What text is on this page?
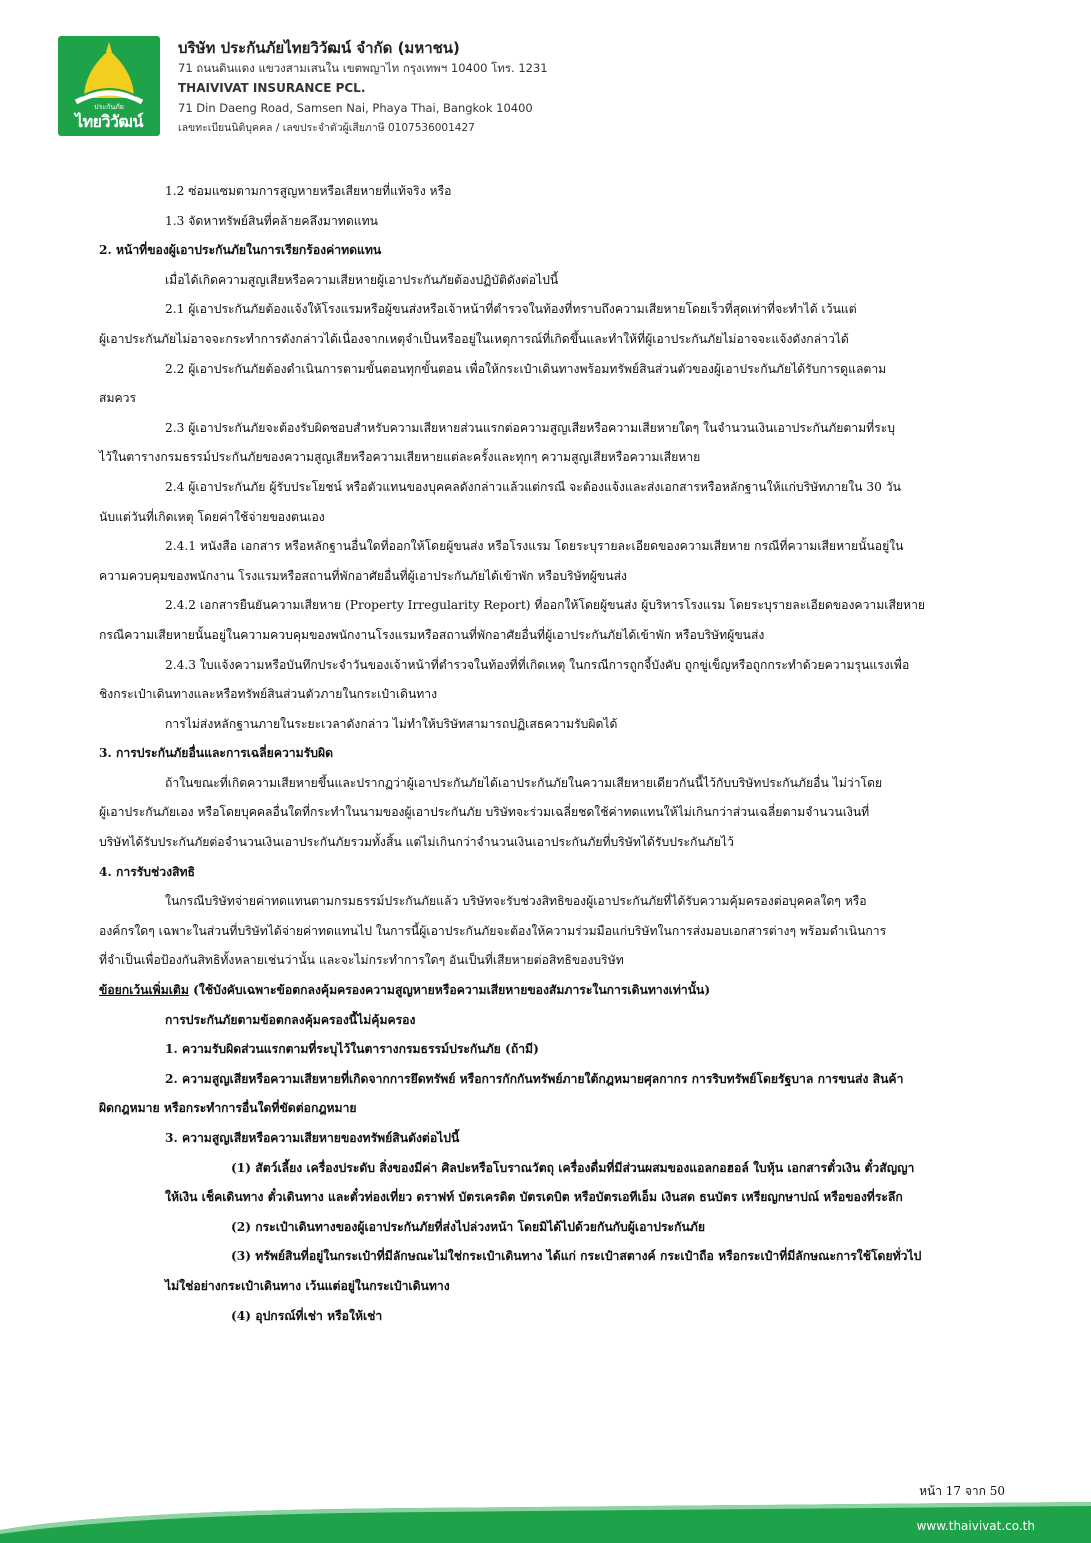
ประกันภัย
ไทยวิวัฒน์
บริษัท ประกันภัยไทยวิวัฒน์ จำกัด (มหาชน)
71 ถนนดินแดง แขวงสามเสนใน เขตพญาไท กรุงเทพฯ 10400 โทร. 1231
THAIVIVAT INSURANCE PCL.
71 Din Daeng Road, Samsen Nai, Phaya Thai, Bangkok 10400
เลขทะเบียนนิติบุคคล / เลขประจำตัวผู้เสียภาษี 0107536001427

1.2 ซ่อมแซมตามการสูญหายหรือเสียหายที่แท้จริง หรือ

1.3 จัดหาทรัพย์สินที่คล้ายคลึงมาทดแทน

2. หน้าที่ของผู้เอาประกันภัยในการเรียกร้องค่าทดแทน

เมื่อได้เกิดความสูญเสียหรือความเสียหายผู้เอาประกันภัยต้องปฏิบัติดังต่อไปนี้

2.1 ผู้เอาประกันภัยต้องแจ้งให้โรงแรมหรือผู้ขนส่งหรือเจ้าหน้าที่ตำรวจในท้องที่ทราบถึงความเสียหายโดยเร็วที่สุดเท่าที่จะทำได้ เว้นแต่

ผู้เอาประกันภัยไม่อาจจะกระทำการดังกล่าวได้เนื่องจากเหตุจำเป็นหรืออยู่ในเหตุการณ์ที่เกิดขึ้นและทำให้ที่ผู้เอาประกันภัยไม่อาจจะแจ้งดังกล่าวได้

2.2 ผู้เอาประกันภัยต้องดำเนินการตามขั้นตอนทุกขั้นตอน เพื่อให้กระเป๋าเดินทางพร้อมทรัพย์สินส่วนตัวของผู้เอาประกันภัยได้รับการดูแลตาม

สมควร

2.3 ผู้เอาประกันภัยจะต้องรับผิดชอบสำหรับความเสียหายส่วนแรกต่อความสูญเสียหรือความเสียหายใดๆ ในจำนวนเงินเอาประกันภัยตามที่ระบุ

ไว้ในตารางกรมธรรม์ประกันภัยของความสูญเสียหรือความเสียหายแต่ละครั้งและทุกๆ ความสูญเสียหรือความเสียหาย

2.4 ผู้เอาประกันภัย ผู้รับประโยชน์ หรือตัวแทนของบุคคลดังกล่าวแล้วแต่กรณี จะต้องแจ้งและส่งเอกสารหรือหลักฐานให้แก่บริษัทภายใน 30 วัน

นับแต่วันที่เกิดเหตุ โดยค่าใช้จ่ายของตนเอง

2.4.1 หนังสือ เอกสาร หรือหลักฐานอื่นใดที่ออกให้โดยผู้ขนส่ง หรือโรงแรม โดยระบุรายละเอียดของความเสียหาย กรณีที่ความเสียหายนั้นอยู่ใน

ความควบคุมของพนักงาน โรงแรมหรือสถานที่พักอาศัยอื่นที่ผู้เอาประกันภัยได้เข้าพัก หรือบริษัทผู้ขนส่ง

2.4.2 เอกสารยืนยันความเสียหาย (Property Irregularity Report) ที่ออกให้โดยผู้ขนส่ง ผู้บริหารโรงแรม โดยระบุรายละเอียดของความเสียหาย

กรณีความเสียหายนั้นอยู่ในความควบคุมของพนักงานโรงแรมหรือสถานที่พักอาศัยอื่นที่ผู้เอาประกันภัยได้เข้าพัก หรือบริษัทผู้ขนส่ง

2.4.3 ใบแจ้งความหรือบันทึกประจำวันของเจ้าหน้าที่ตำรวจในท้องที่ที่เกิดเหตุ ในกรณีการถูกจี้บังคับ ถูกขู่เข็ญหรือถูกกระทำด้วยความรุนแรงเพื่อ

ชิงกระเป๋าเดินทางและหรือทรัพย์สินส่วนตัวภายในกระเป๋าเดินทาง

การไม่ส่งหลักฐานภายในระยะเวลาดังกล่าว ไม่ทำให้บริษัทสามารถปฏิเสธความรับผิดได้

3. การประกันภัยอื่นและการเฉลี่ยความรับผิด

ถ้าในขณะที่เกิดความเสียหายขึ้นและปรากฏว่าผู้เอาประกันภัยได้เอาประกันภัยในความเสียหายเดียวกันนี้ไว้กับบริษัทประกันภัยอื่น ไม่ว่าโดย

ผู้เอาประกันภัยเอง หรือโดยบุคคลอื่นใดที่กระทำในนามของผู้เอาประกันภัย บริษัทจะร่วมเฉลี่ยชดใช้ค่าทดแทนให้ไม่เกินกว่าส่วนเฉลี่ยตามจำนวนเงินที่

บริษัทได้รับประกันภัยต่อจำนวนเงินเอาประกันภัยรวมทั้งสิ้น แต่ไม่เกินกว่าจำนวนเงินเอาประกันภัยที่บริษัทได้รับประกันภัยไว้

4. การรับช่วงสิทธิ

ในกรณีบริษัทจ่ายค่าทดแทนตามกรมธรรม์ประกันภัยแล้ว บริษัทจะรับช่วงสิทธิของผู้เอาประกันภัยที่ได้รับความคุ้มครองต่อบุคคลใดๆ หรือ

องค์กรใดๆ เฉพาะในส่วนที่บริษัทได้จ่ายค่าทดแทนไป ในการนี้ผู้เอาประกันภัยจะต้องให้ความร่วมมือแก่บริษัทในการส่งมอบเอกสารต่างๆ พร้อมดำเนินการ

ที่จำเป็นเพื่อป้องกันสิทธิทั้งหลายเช่นว่านั้น และจะไม่กระทำการใดๆ อันเป็นที่เสียหายต่อสิทธิของบริษัท

ข้อยกเว้นเพิ่มเติม (ใช้บังคับเฉพาะข้อตกลงคุ้มครองความสูญหายหรือความเสียหายของสัมภาระในการเดินทางเท่านั้น)

การประกันภัยตามข้อตกลงคุ้มครองนี้ไม่คุ้มครอง

1. ความรับผิดส่วนแรกตามที่ระบุไว้ในตารางกรมธรรม์ประกันภัย (ถ้ามี)

2. ความสูญเสียหรือความเสียหายที่เกิดจากการยึดทรัพย์ หรือการกักกันทรัพย์ภายใต้กฎหมายศุลกากร การริบทรัพย์โดยรัฐบาล การขนส่ง สินค้า

ผิดกฎหมาย หรือกระทำการอื่นใดที่ขัดต่อกฎหมาย

3. ความสูญเสียหรือความเสียหายของทรัพย์สินดังต่อไปนี้

(1) สัตว์เลี้ยง เครื่องประดับ สิ่งของมีค่า ศิลปะหรือโบราณวัตถุ เครื่องดื่มที่มีส่วนผสมของแอลกอฮอล์ ใบหุ้น เอกสารตั๋วเงิน ตั๋วสัญญา

ให้เงิน เช็คเดินทาง ตั๋วเดินทาง และตั๋วท่องเที่ยว ดราฟท์ บัตรเครดิต บัตรเดบิต หรือบัตรเอทีเอ็ม เงินสด ธนบัตร เหรียญกษาปณ์ หรือของที่ระลึก

(2) กระเป๋าเดินทางของผู้เอาประกันภัยที่ส่งไปล่วงหน้า โดยมิได้ไปด้วยกันกับผู้เอาประกันภัย

(3) ทรัพย์สินที่อยู่ในกระเป๋าที่มีลักษณะไม่ใช่กระเป๋าเดินทาง ได้แก่ กระเป๋าสตางค์ กระเป๋าถือ หรือกระเป๋าที่มีลักษณะการใช้โดยทั่วไป

ไม่ใช่อย่างกระเป๋าเดินทาง เว้นแต่อยู่ในกระเป๋าเดินทาง

(4) อุปกรณ์ที่เช่า หรือให้เช่า

หน้า 17 จาก 50
www.thaivivat.co.th
